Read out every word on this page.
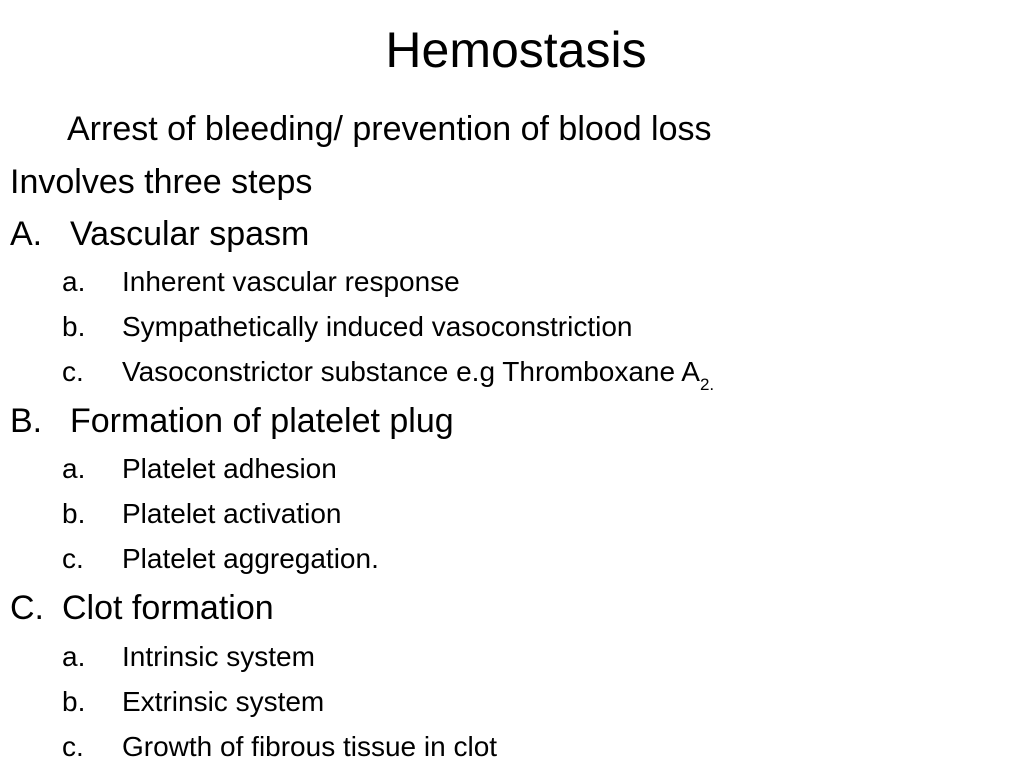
Hemostasis
Arrest of bleeding/ prevention of blood loss
Involves three steps
A. Vascular spasm
a. Inherent vascular response
b. Sympathetically induced vasoconstriction
c. Vasoconstrictor substance e.g Thromboxane $A_{2.}$
B. Formation of platelet plug
a. Platelet adhesion
b. Platelet activation
c. Platelet aggregation.
C. Clot formation
a. Intrinsic system
b. Extrinsic system
c. Growth of fibrous tissue in clot
